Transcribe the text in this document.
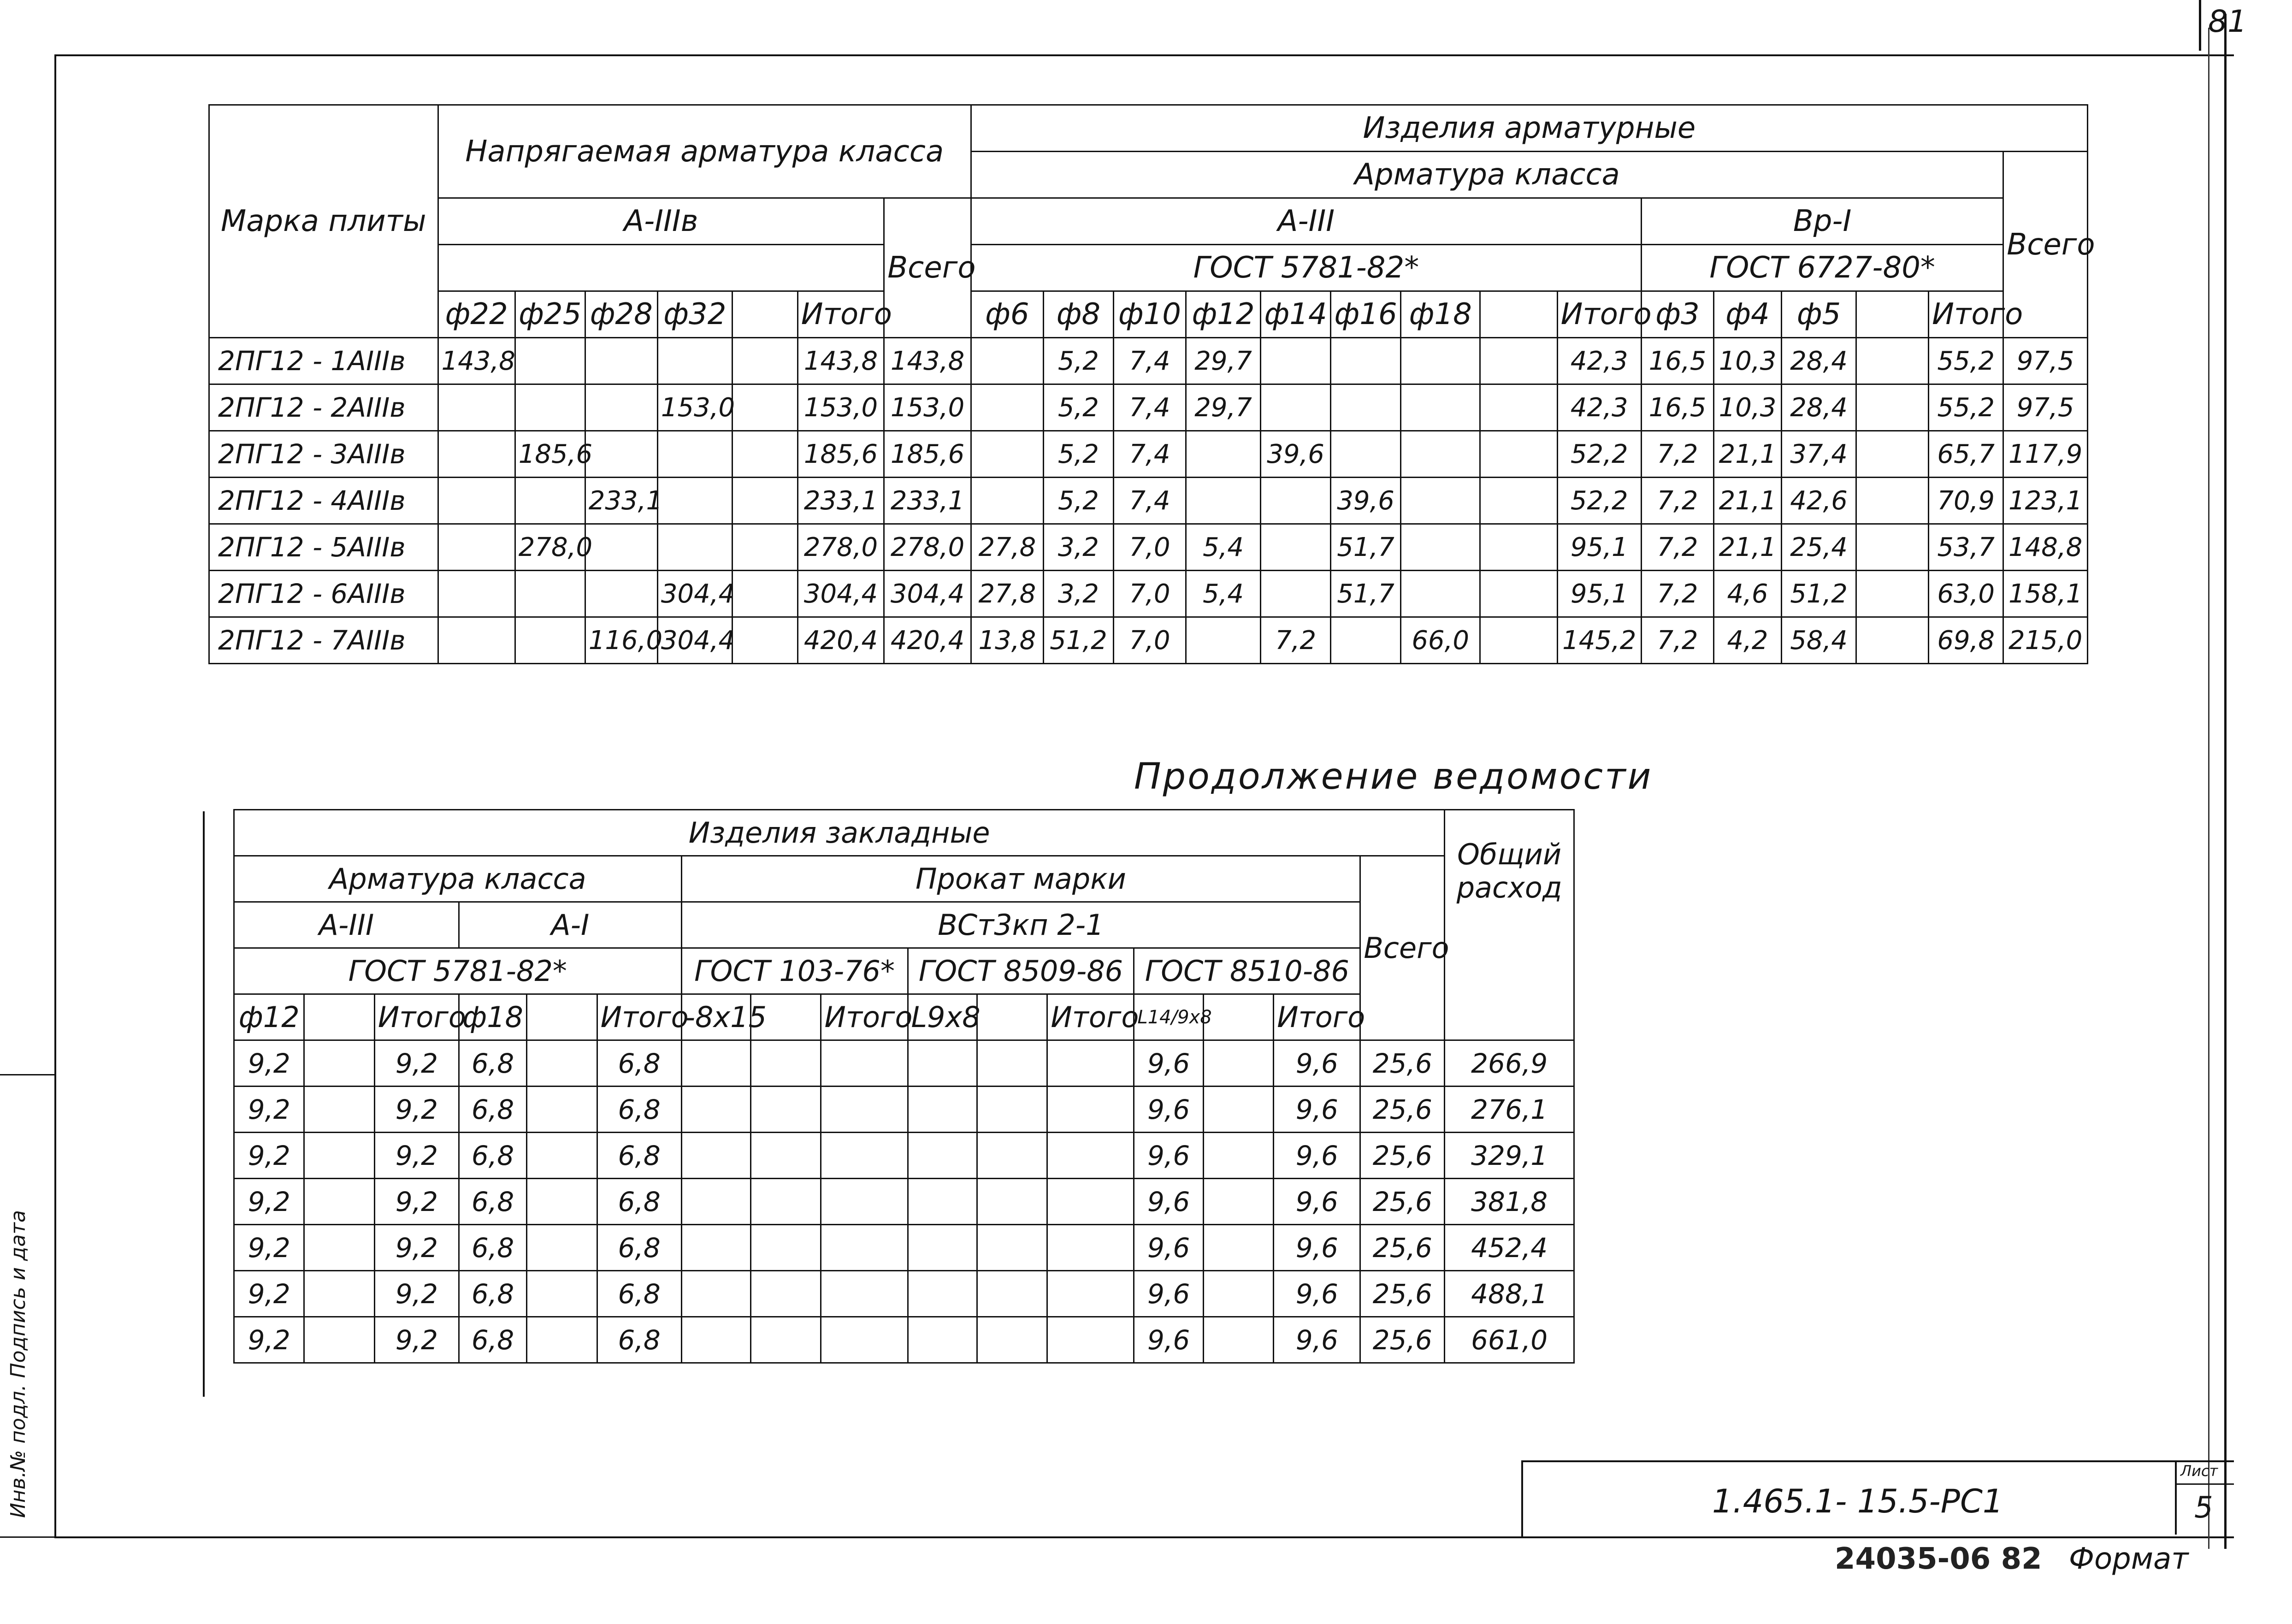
81
Инв.№ подл. Подпись и дата
Марка плиты	Напрягаемая арматура класса							Изделия арматурные														
								Арматура класса														Всего
	A-IIIв						Всего	A-III									Bp-I					
								ГОСТ 5781-82*									ГОСТ 6727-80*					
	ф22	ф25	ф28	ф32		Итого		ф6	ф8	ф10	ф12	ф14	ф16	ф18		Итого	ф3	ф4	ф5		Итого	
2ПГ12 - 1AIIIв	143,8					143,8	143,8		5,2	7,4	29,7					42,3	16,5	10,3	28,4		55,2	97,5
2ПГ12 - 2AIIIв				153,0		153,0	153,0		5,2	7,4	29,7					42,3	16,5	10,3	28,4		55,2	97,5
2ПГ12 - 3AIIIв		185,6				185,6	185,6		5,2	7,4		39,6				52,2	7,2	21,1	37,4		65,7	117,9
2ПГ12 - 4AIIIв			233,1			233,1	233,1		5,2	7,4			39,6			52,2	7,2	21,1	42,6		70,9	123,1
2ПГ12 - 5AIIIв		278,0				278,0	278,0	27,8	3,2	7,0	5,4		51,7			95,1	7,2	21,1	25,4		53,7	148,8
2ПГ12 - 6AIIIв				304,4		304,4	304,4	27,8	3,2	7,0	5,4		51,7			95,1	7,2	4,6	51,2		63,0	158,1
2ПГ12 - 7AIIIв			116,0	304,4		420,4	420,4	13,8	51,2	7,0		7,2		66,0		145,2	7,2	4,2	58,4		69,8	215,0
Продолжение ведомости
Изделия закладные																Общий расход
Арматура класса						Прокат марки									Всего	
A-III			A-I			ВСт3кп 2-1										
ГОСТ 5781-82*						ГОСТ 103-76*			ГОСТ 8509-86			ГОСТ 8510-86				
ф12		Итого	ф18		Итого	-8x15		Итого	L9x8		Итого	L14/9x8		Итого		
9,2		9,2	6,8		6,8							9,6		9,6	25,6	266,9
9,2		9,2	6,8		6,8							9,6		9,6	25,6	276,1
9,2		9,2	6,8		6,8							9,6		9,6	25,6	329,1
9,2		9,2	6,8		6,8							9,6		9,6	25,6	381,8
9,2		9,2	6,8		6,8							9,6		9,6	25,6	452,4
9,2		9,2	6,8		6,8							9,6		9,6	25,6	488,1
9,2		9,2	6,8		6,8							9,6		9,6	25,6	661,0
1.465.1- 15.5-РС1
Лист
5
24035-06 82 Формат
